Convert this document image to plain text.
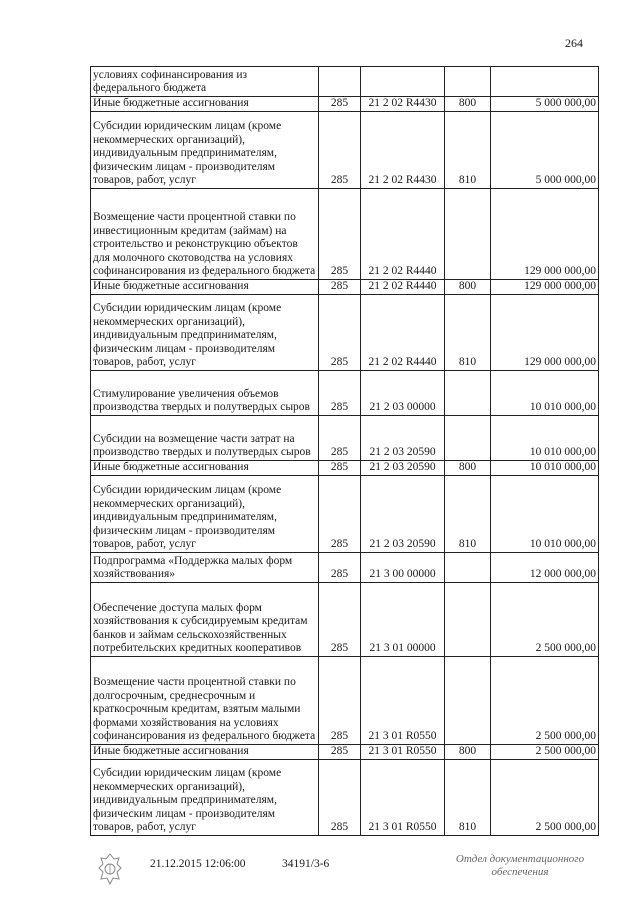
264
условиях софинансирования из федерального бюджета				
Иные бюджетные ассигнования	285	21 2 02 R4430	800	5 000 000,00
Субсидии юридическим лицам (кроме некоммерческих организаций), индивидуальным предпринимателям, физическим лицам - производителям товаров, работ, услуг	285	21 2 02 R4430	810	5 000 000,00
Возмещение части процентной ставки по инвестиционным кредитам (займам) на строительство и реконструкцию объектов для молочного скотоводства на условиях софинансирования из федерального бюджета	285	21 2 02 R4440		129 000 000,00
Иные бюджетные ассигнования	285	21 2 02 R4440	800	129 000 000,00
Субсидии юридическим лицам (кроме некоммерческих организаций), индивидуальным предпринимателям, физическим лицам - производителям товаров, работ, услуг	285	21 2 02 R4440	810	129 000 000,00
Стимулирование увеличения объемов производства твердых и полутвердых сыров	285	21 2 03 00000		10 010 000,00
Субсидии на возмещение части затрат на производство твердых и полутвердых сыров	285	21 2 03 20590		10 010 000,00
Иные бюджетные ассигнования	285	21 2 03 20590	800	10 010 000,00
Субсидии юридическим лицам (кроме некоммерческих организаций), индивидуальным предпринимателям, физическим лицам - производителям товаров, работ, услуг	285	21 2 03 20590	810	10 010 000,00
Подпрограмма «Поддержка малых форм хозяйствования»	285	21 3 00 00000		12 000 000,00
Обеспечение доступа малых форм хозяйствования к субсидируемым кредитам банков и займам сельскохозяйственных потребительских кредитных кооперативов	285	21 3 01 00000		2 500 000,00
Возмещение части процентной ставки по долгосрочным, среднесрочным и краткосрочным кредитам, взятым малыми формами хозяйствования на условиях софинансирования из федерального бюджета	285	21 3 01 R0550		2 500 000,00
Иные бюджетные ассигнования	285	21 3 01 R0550	800	2 500 000,00
Субсидии юридическим лицам (кроме некоммерческих организаций), индивидуальным предпринимателям, физическим лицам - производителям товаров, работ, услуг	285	21 3 01 R0550	810	2 500 000,00
21.12.2015 12:06:00	34191/3-6	Отдел документационного
обеспечения
